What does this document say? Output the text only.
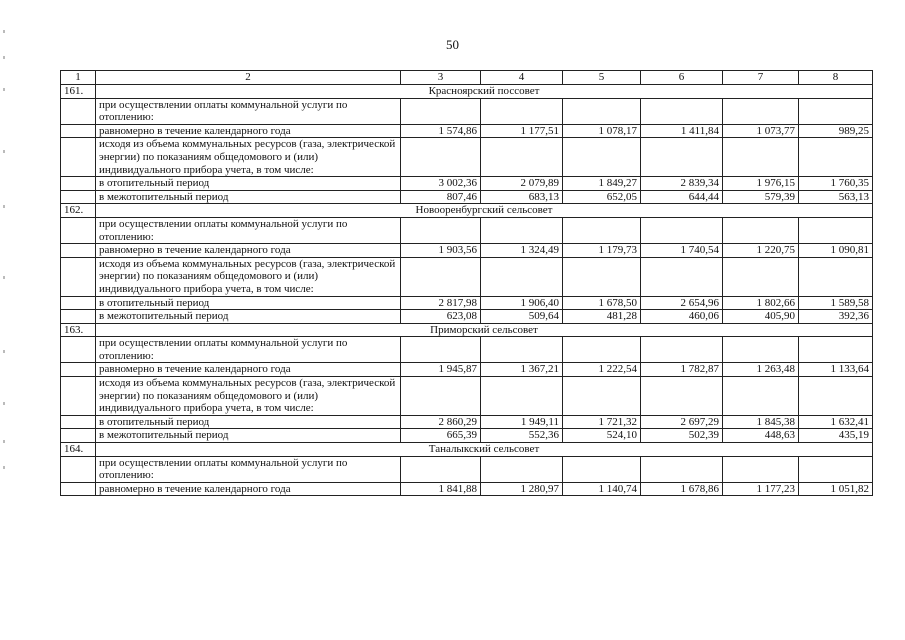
50
1	2	3	4	5	6	7	8
161.	Красноярский поссовет						
	при осуществлении оплаты коммунальной услуги по отоплению:						
	равномерно в течение календарного года	1 574,86	1 177,51	1 078,17	1 411,84	1 073,77	989,25
	исходя из объема коммунальных ресурсов (газа, электрической энергии) по показаниям общедомового и (или) индивидуального прибора учета, в том числе:						
	в отопительный период	3 002,36	2 079,89	1 849,27	2 839,34	1 976,15	1 760,35
	в межотопительный период	807,46	683,13	652,05	644,44	579,39	563,13
162.	Новооренбургский сельсовет						
	при осуществлении оплаты коммунальной услуги по отоплению:						
	равномерно в течение календарного года	1 903,56	1 324,49	1 179,73	1 740,54	1 220,75	1 090,81
	исходя из объема коммунальных ресурсов (газа, электрической энергии) по показаниям общедомового и (или) индивидуального прибора учета, в том числе:						
	в отопительный период	2 817,98	1 906,40	1 678,50	2 654,96	1 802,66	1 589,58
	в межотопительный период	623,08	509,64	481,28	460,06	405,90	392,36
163.	Приморский сельсовет						
	при осуществлении оплаты коммунальной услуги по отоплению:						
	равномерно в течение календарного года	1 945,87	1 367,21	1 222,54	1 782,87	1 263,48	1 133,64
	исходя из объема коммунальных ресурсов (газа, электрической энергии) по показаниям общедомового и (или) индивидуального прибора учета, в том числе:						
	в отопительный период	2 860,29	1 949,11	1 721,32	2 697,29	1 845,38	1 632,41
	в межотопительный период	665,39	552,36	524,10	502,39	448,63	435,19
164.	Таналыкский сельсовет						
	при осуществлении оплаты коммунальной услуги по отоплению:						
	равномерно в течение календарного года	1 841,88	1 280,97	1 140,74	1 678,86	1 177,23	1 051,82
